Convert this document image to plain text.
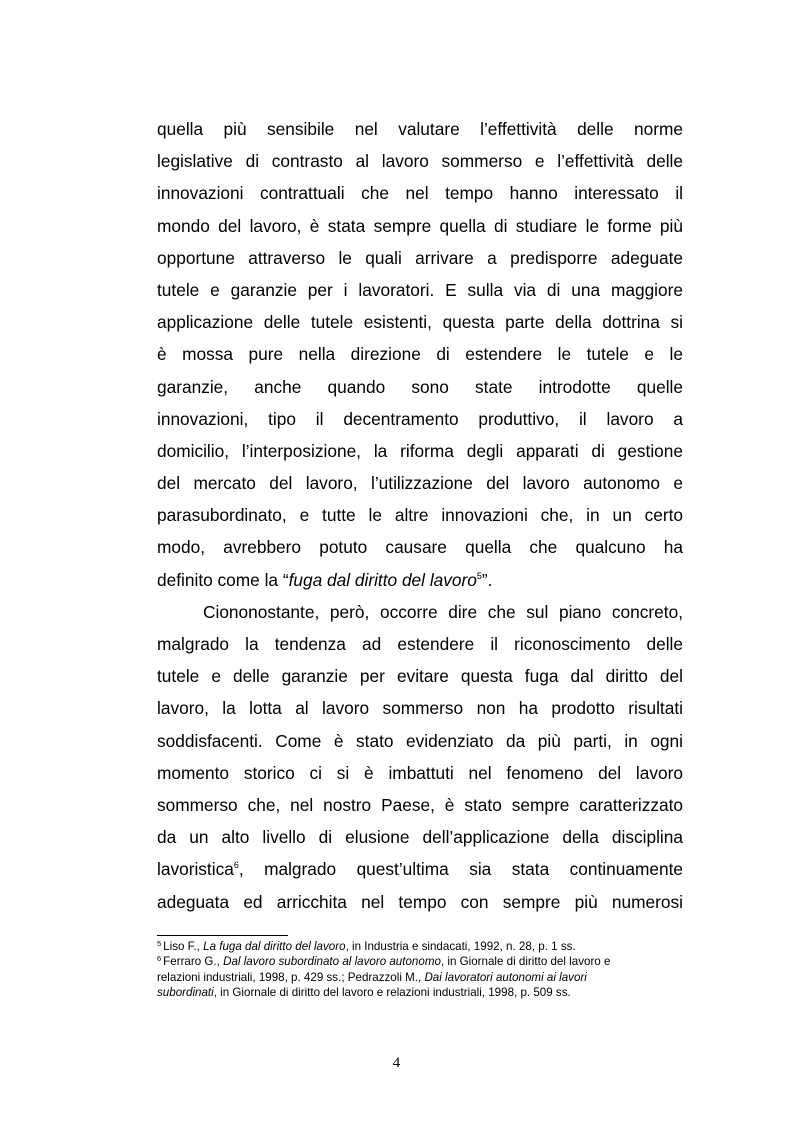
quella più sensibile nel valutare l’effettività delle norme
legislative di contrasto al lavoro sommerso e l’effettività delle
innovazioni contrattuali che nel tempo hanno interessato il
mondo del lavoro, è stata sempre quella di studiare le forme più
opportune attraverso le quali arrivare a predisporre adeguate
tutele e garanzie per i lavoratori. E sulla via di una maggiore
applicazione delle tutele esistenti, questa parte della dottrina si
è mossa pure nella direzione di estendere le tutele e le
garanzie, anche quando sono state introdotte quelle
innovazioni, tipo il decentramento produttivo, il lavoro a
domicilio, l’interposizione, la riforma degli apparati di gestione
del mercato del lavoro, l’utilizzazione del lavoro autonomo e
parasubordinato, e tutte le altre innovazioni che, in un certo
modo, avrebbero potuto causare quella che qualcuno ha
definito come la “fuga dal diritto del lavoro$^5$”.
Ciononostante, però, occorre dire che sul piano concreto,
malgrado la tendenza ad estendere il riconoscimento delle
tutele e delle garanzie per evitare questa fuga dal diritto del
lavoro, la lotta al lavoro sommerso non ha prodotto risultati
soddisfacenti. Come è stato evidenziato da più parti, in ogni
momento storico ci si è imbattuti nel fenomeno del lavoro
sommerso che, nel nostro Paese, è stato sempre caratterizzato
da un alto livello di elusione dell’applicazione della disciplina
lavoristica$^6$, malgrado quest’ultima sia stata continuamente
adeguata ed arricchita nel tempo con sempre più numerosi
$^5$ Liso F., La fuga dal diritto del lavoro, in Industria e sindacati, 1992, n. 28, p. 1 ss.
$^6$ Ferraro G., Dal lavoro subordinato al lavoro autonomo, in Giornale di diritto del lavoro e
relazioni industriali, 1998, p. 429 ss.; Pedrazzoli M., Dai lavoratori autonomi ai lavori
subordinati, in Giornale di diritto del lavoro e relazioni industriali, 1998, p. 509 ss.
4
